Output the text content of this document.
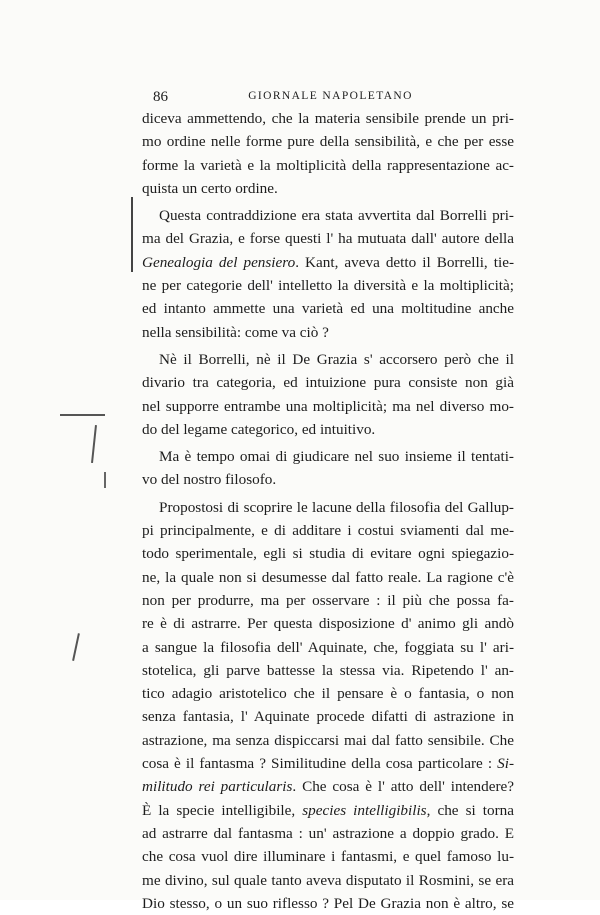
86	GIORNALE NAPOLETANO
diceva ammettendo, che la materia sensibile prende un pri-
mo ordine nelle forme pure della sensibilità, e che per esse
forme la varietà e la moltiplicità della rappresentazione ac-
quista un certo ordine.
Questa contraddizione era stata avvertita dal Borrelli pri-
ma del Grazia, e forse questi l' ha mutuata dall' autore della
Genealogia del pensiero. Kant, aveva detto il Borrelli, tie-
ne per categorie dell' intelletto la diversità e la moltiplicità;
ed intanto ammette una varietà ed una moltitudine anche
nella sensibilità: come va ciò ?
Nè il Borrelli, nè il De Grazia s' accorsero però che il
divario tra categoria, ed intuizione pura consiste non già
nel supporre entrambe una moltiplicità; ma nel diverso mo-
do del legame categorico, ed intuitivo.
Ma è tempo omai di giudicare nel suo insieme il tentati-
vo del nostro filosofo.
Propostosi di scoprire le lacune della filosofia del Gallup-
pi principalmente, e di additare i costui sviamenti dal me-
todo sperimentale, egli si studia di evitare ogni spiegazio-
ne, la quale non si desumesse dal fatto reale. La ragione c'è
non per produrre, ma per osservare : il più che possa fa-
re è di astrarre. Per questa disposizione d' animo gli andò
a sangue la filosofia dell' Aquinate, che, foggiata su l' ari-
stotelica, gli parve battesse la stessa via. Ripetendo l' an-
tico adagio aristotelico che il pensare è o fantasia, o non
senza fantasia, l' Aquinate procede difatti di astrazione in
astrazione, ma senza dispiccarsi mai dal fatto sensibile. Che
cosa è il fantasma ? Similitudine della cosa particolare : Si-
militudo rei particularis. Che cosa è l' atto dell' intendere?
È la specie intelligibile, species intelligibilis, che si torna
ad astrarre dal fantasma : un' astrazione a doppio grado. E
che cosa vuol dire illuminare i fantasmi, e quel famoso lu-
me divino, sul quale tanto aveva disputato il Rosmini, se era
Dio stesso, o un suo riflesso ? Pel De Grazia non è altro, se
